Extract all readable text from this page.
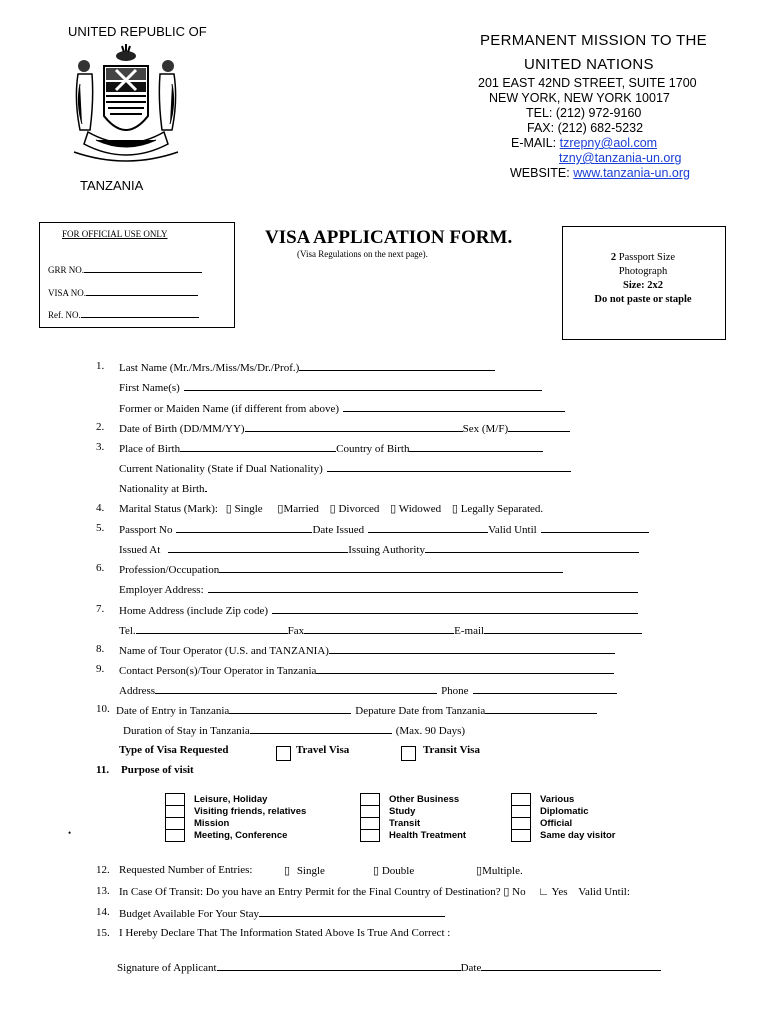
UNITED REPUBLIC OF
TANZANIA
PERMANENT MISSION TO THE
UNITED NATIONS
201 EAST 42ND STREET, SUITE 1700
NEW YORK, NEW YORK 10017
TEL: (212) 972-9160
FAX: (212) 682-5232
E-MAIL: tzrepny@aol.com
tzny@tanzania-un.org
WEBSITE: www.tanzania-un.org
FOR OFFICIAL USE ONLY
GRR NO.
VISA NO.
Ref. NO.
VISA APPLICATION FORM.
(Visa Regulations on the next page).	2 Passport Size
Photograph
Size: 2x2
Do not paste or staple
1. Last Name (Mr./Mrs./Miss/Ms/Dr./Prof.)
First Name(s)
Former or Maiden Name (if different from above)
2. Date of Birth (DD/MM/YY)	Sex (M/F)
3. Place of Birth	Country of Birth
Current Nationality (State if Dual Nationality)
Nationality at Birth
4. Marital Status (Mark): ▯ Single ▯Married ▯ Divorced ▯ Widowed ▯ Legally Separated.
5. Passport No	Date Issued	Valid Until
Issued At	Issuing Authority
6. Profession/Occupation
Employer Address:
7. Home Address (include Zip code)
Tel.	Fax	E-mail
8. Name of Tour Operator (U.S. and TANZANIA)
9. Contact Person(s)/Tour Operator in Tanzania
Address	Phone
10. Date of Entry in Tanzania	Depature Date from Tanzania
Duration of Stay in Tanzania	(Max. 90 Days)
Type of Visa Requested	Travel Visa	Transit Visa
11. Purpose of visit
Leisure, Holiday
Visiting friends, relatives
Mission
Meeting, Conference
Other Business
Study
Transit
Health Treatment
Various
Diplomatic
Official
Same day visitor
•
12. Requested Number of Entries:	▯ Single	▯ Double	▯Multiple.
13. In Case Of Transit: Do you have an Entry Permit for the Final Country of Destination? ▯ No ∟ Yes Valid Until:
14. Budget Available For Your Stay
15. I Hereby Declare That The Information Stated Above Is True And Correct :
Signature of Applicant	Date
